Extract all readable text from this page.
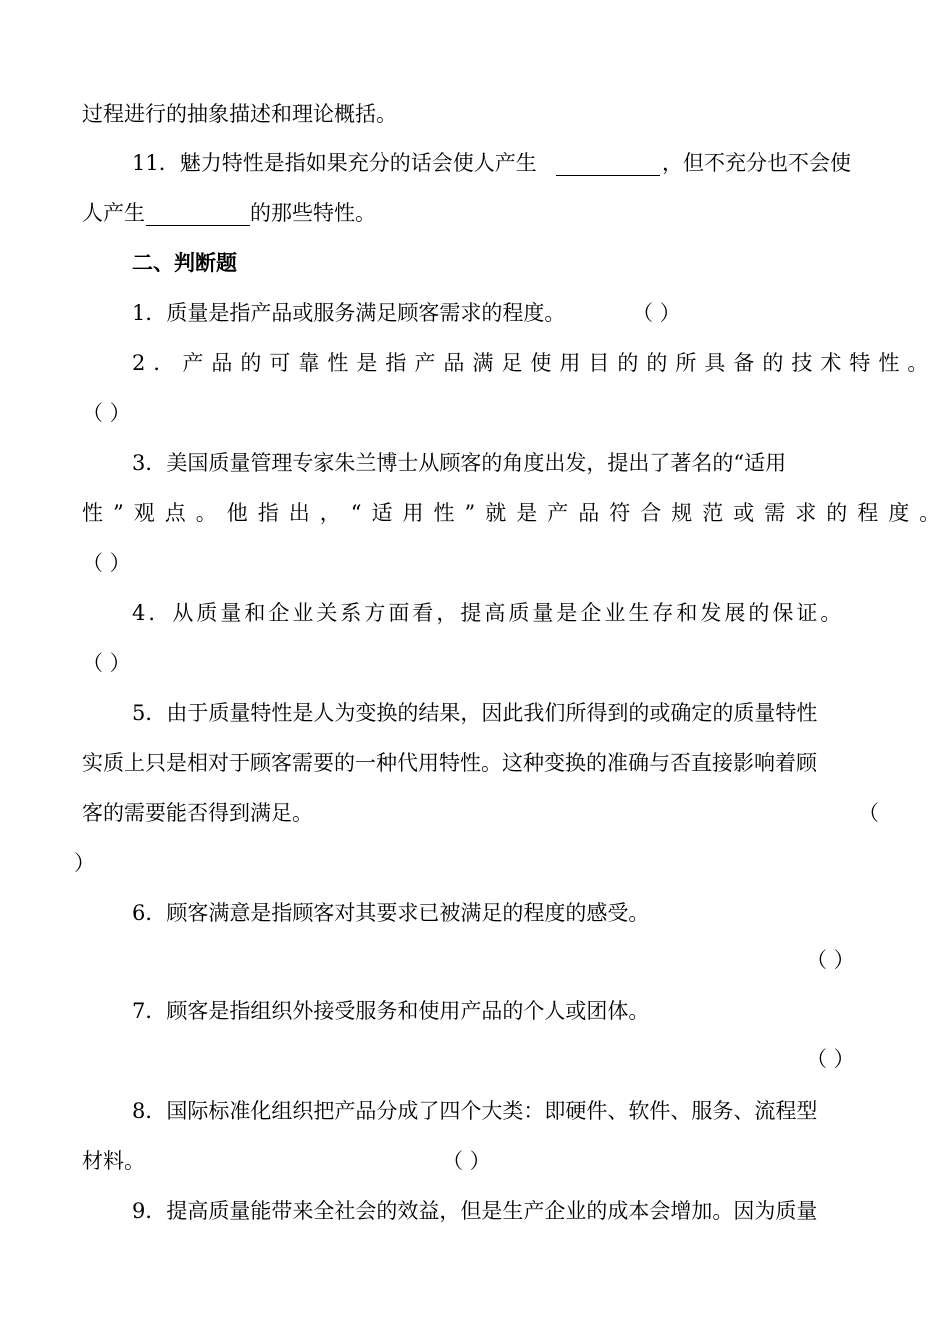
过程进行的抽象描述和理论概括。
11．魅力特性是指如果充分的话会使人产生	，但不充分也不会使
人产生	的那些特性。
二、判断题
1．质量是指产品或服务满足顾客需求的程度。	（ ）
2．产品的可靠性是指产品满足使用目的的所具备的技术特性。
（ ）
3．美国质量管理专家朱兰博士从顾客的角度出发，提出了著名的“适用
性”观点。他指出，“适用性”就是产品符合规范或需求的程度。
（ ）
4．从质量和企业关系方面看，提高质量是企业生存和发展的保证。
（ ）
5．由于质量特性是人为变换的结果，因此我们所得到的或确定的质量特性
实质上只是相对于顾客需要的一种代用特性。这种变换的准确与否直接影响着顾
客的需要能否得到满足。	（
）
6．顾客满意是指顾客对其要求已被满足的程度的感受。
（ ）
7．顾客是指组织外接受服务和使用产品的个人或团体。
（ ）
8．国际标准化组织把产品分成了四个大类：即硬件、软件、服务、流程型
材料。	（ ）
9．提高质量能带来全社会的效益，但是生产企业的成本会增加。因为质量
